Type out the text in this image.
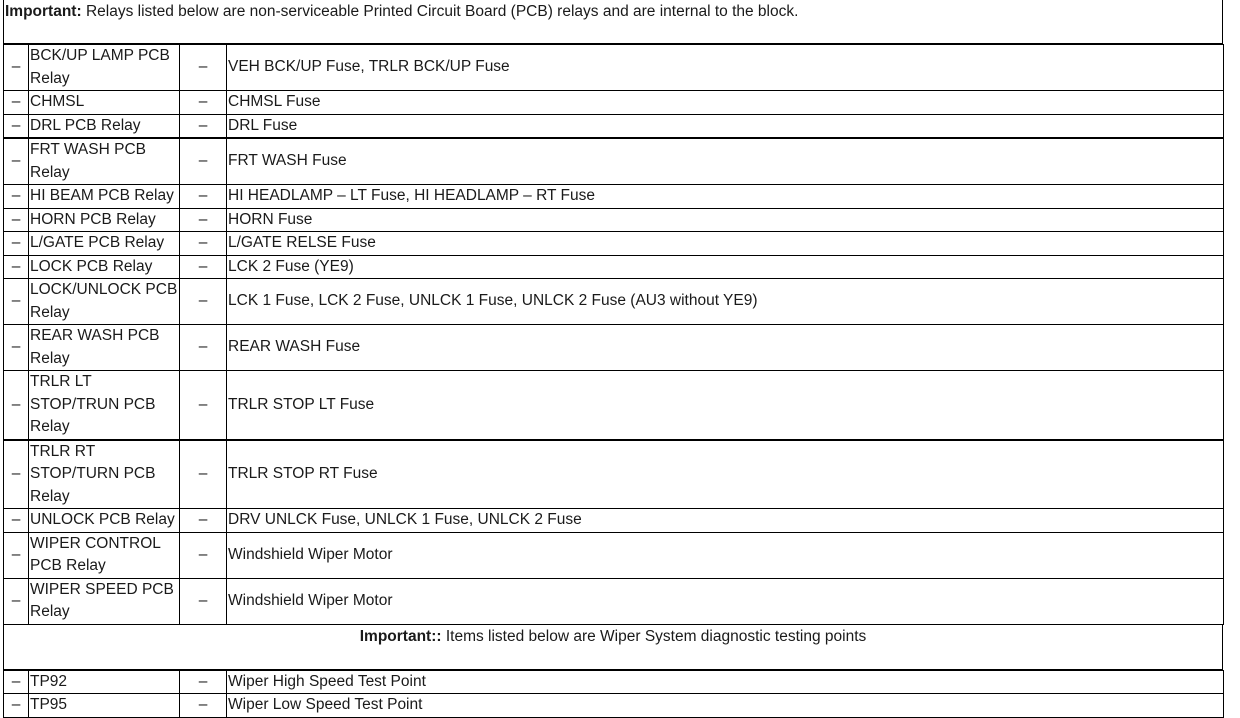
Important: Relays listed below are non-serviceable Printed Circuit Board (PCB) relays and are internal to the block.
–	BCK/UP LAMP PCB Relay	–	VEH BCK/UP Fuse, TRLR BCK/UP Fuse
–	CHMSL	–	CHMSL Fuse
–	DRL PCB Relay	–	DRL Fuse
–	FRT WASH PCB Relay	–	FRT WASH Fuse
–	HI BEAM PCB Relay	–	HI HEADLAMP – LT Fuse, HI HEADLAMP – RT Fuse
–	HORN PCB Relay	–	HORN Fuse
–	L/GATE PCB Relay	–	L/GATE RELSE Fuse
–	LOCK PCB Relay	–	LCK 2 Fuse (YE9)
–	LOCK/UNLOCK PCB Relay	–	LCK 1 Fuse, LCK 2 Fuse, UNLCK 1 Fuse, UNLCK 2 Fuse (AU3 without YE9)
–	REAR WASH PCB Relay	–	REAR WASH Fuse
–	TRLR LT STOP/TRUN PCB Relay	–	TRLR STOP LT Fuse
–	TRLR RT STOP/TURN PCB Relay	–	TRLR STOP RT Fuse
–	UNLOCK PCB Relay	–	DRV UNLCK Fuse, UNLCK 1 Fuse, UNLCK 2 Fuse
–	WIPER CONTROL PCB Relay	–	Windshield Wiper Motor
–	WIPER SPEED PCB Relay	–	Windshield Wiper Motor
Important:: Items listed below are Wiper System diagnostic testing points
–	TP92	–	Wiper High Speed Test Point
–	TP95	–	Wiper Low Speed Test Point
